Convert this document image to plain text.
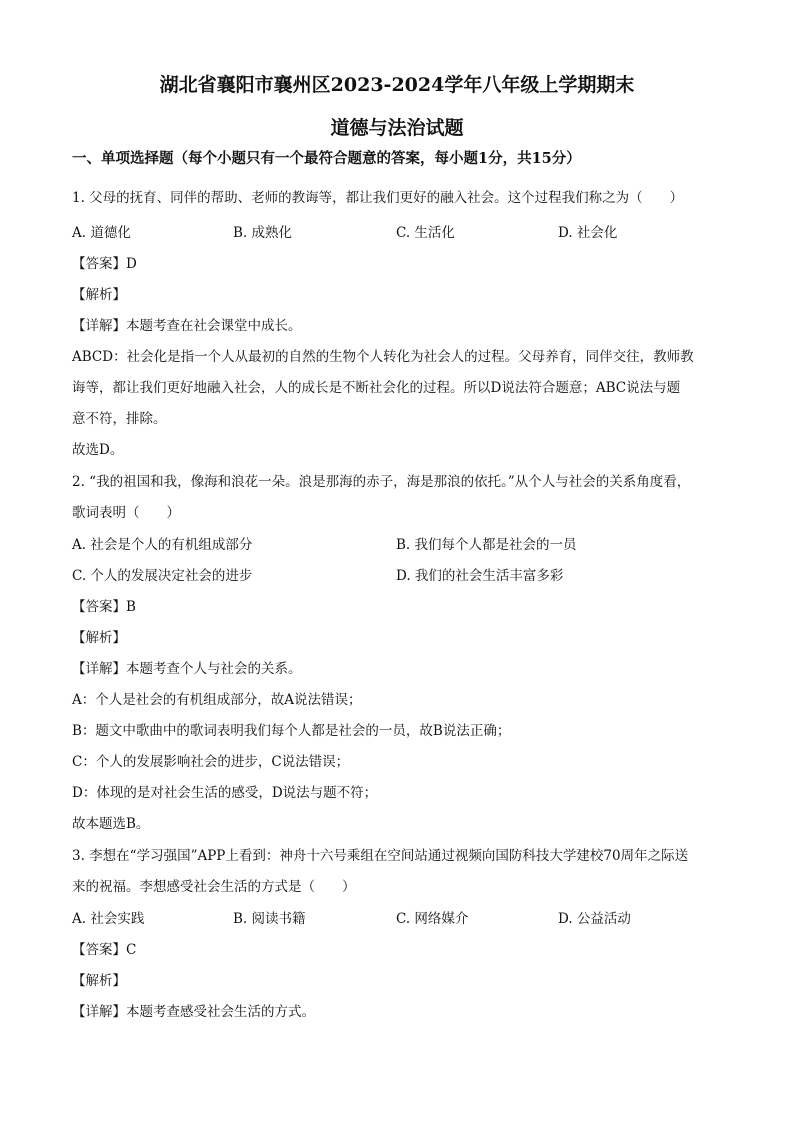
湖北省襄阳市襄州区2023-2024学年八年级上学期期末
道德与法治试题
一、单项选择题（每个小题只有一个最符合题意的答案，每小题1分，共15分）
1. 父母的抚育、同伴的帮助、老师的教诲等，都让我们更好的融入社会。这个过程我们称之为（　　）
A. 道德化	B. 成熟化	C. 生活化	D. 社会化
【答案】D
【解析】
【详解】本题考查在社会课堂中成长。
ABCD：社会化是指一个人从最初的自然的生物个人转化为社会人的过程。父母养育，同伴交往，教师教
诲等，都让我们更好地融入社会，人的成长是不断社会化的过程。所以D说法符合题意；ABC说法与题
意不符，排除。
故选D。
2. “我的祖国和我，像海和浪花一朵。浪是那海的赤子，海是那浪的依托。”从个人与社会的关系角度看，
歌词表明（　　）
A. 社会是个人的有机组成部分	B. 我们每个人都是社会的一员
C. 个人的发展决定社会的进步	D. 我们的社会生活丰富多彩
【答案】B
【解析】
【详解】本题考查个人与社会的关系。
A：个人是社会的有机组成部分，故A说法错误；
B：题文中歌曲中的歌词表明我们每个人都是社会的一员，故B说法正确；
C：个人的发展影响社会的进步，C说法错误；
D：体现的是对社会生活的感受，D说法与题不符；
故本题选B。
3. 李想在“学习强国”APP上看到：神舟十六号乘组在空间站通过视频向国防科技大学建校70周年之际送
来的祝福。李想感受社会生活的方式是（　　）
A. 社会实践	B. 阅读书籍	C. 网络媒介	D. 公益活动
【答案】C
【解析】
【详解】本题考查感受社会生活的方式。
